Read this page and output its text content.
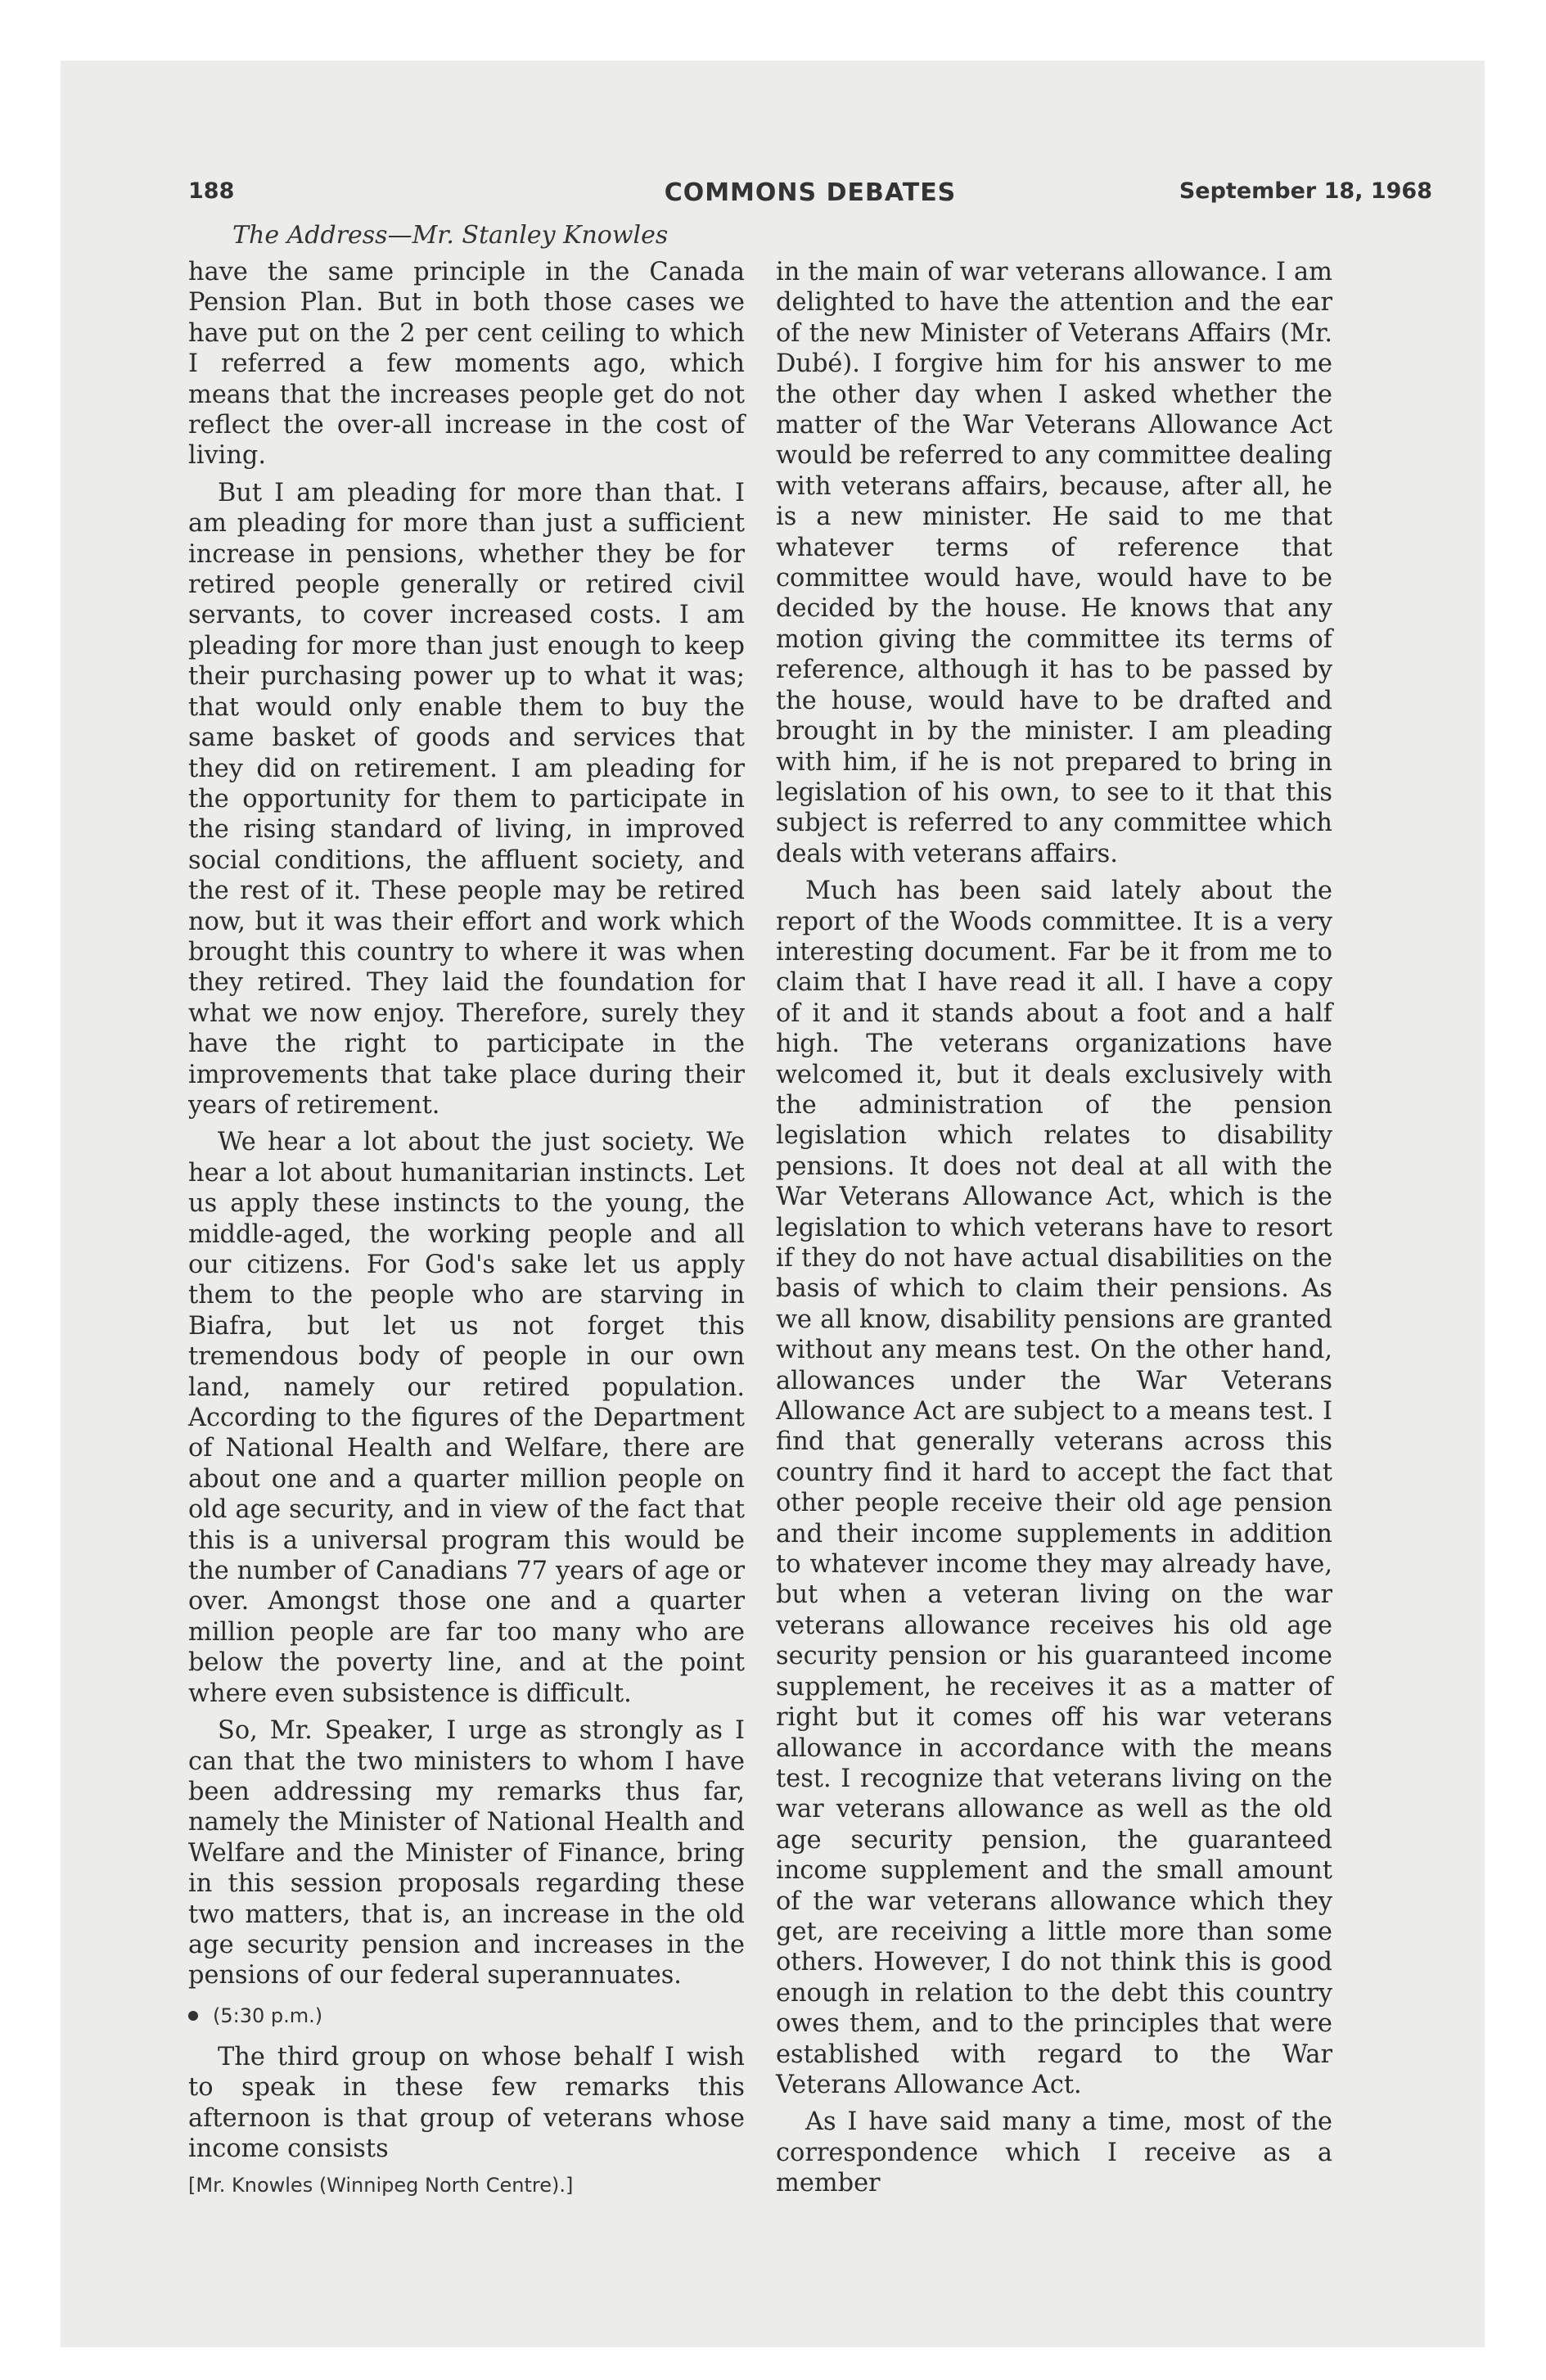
188	COMMONS DEBATES	September 18, 1968
The Address—Mr. Stanley Knowles

have the same principle in the Canada Pension Plan. But in both those cases we have put on the 2 per cent ceiling to which I referred a few moments ago, which means that the increases people get do not reflect the over-all increase in the cost of living.

But I am pleading for more than that. I am pleading for more than just a sufficient increase in pensions, whether they be for retired people generally or retired civil servants, to cover increased costs. I am pleading for more than just enough to keep their purchasing power up to what it was; that would only enable them to buy the same basket of goods and services that they did on retirement. I am pleading for the opportunity for them to participate in the rising standard of living, in improved social conditions, the affluent society, and the rest of it. These people may be retired now, but it was their effort and work which brought this country to where it was when they retired. They laid the foundation for what we now enjoy. Therefore, surely they have the right to participate in the improvements that take place during their years of retirement.

We hear a lot about the just society. We hear a lot about humanitarian instincts. Let us apply these instincts to the young, the middle-aged, the working people and all our citizens. For God's sake let us apply them to the people who are starving in Biafra, but let us not forget this tremendous body of people in our own land, namely our retired population. According to the figures of the Department of National Health and Welfare, there are about one and a quarter million people on old age security, and in view of the fact that this is a universal program this would be the number of Canadians 77 years of age or over. Amongst those one and a quarter million people are far too many who are below the poverty line, and at the point where even subsistence is difficult.

So, Mr. Speaker, I urge as strongly as I can that the two ministers to whom I have been addressing my remarks thus far, namely the Minister of National Health and Welfare and the Minister of Finance, bring in this session proposals regarding these two matters, that is, an increase in the old age security pension and increases in the pensions of our federal superannuates.

(5:30 p.m.)

The third group on whose behalf I wish to speak in these few remarks this afternoon is that group of veterans whose income consists

[Mr. Knowles (Winnipeg North Centre).]

in the main of war veterans allowance. I am delighted to have the attention and the ear of the new Minister of Veterans Affairs (Mr. Dubé). I forgive him for his answer to me the other day when I asked whether the matter of the War Veterans Allowance Act would be referred to any committee dealing with veterans affairs, because, after all, he is a new minister. He said to me that whatever terms of reference that committee would have, would have to be decided by the house. He knows that any motion giving the committee its terms of reference, although it has to be passed by the house, would have to be drafted and brought in by the minister. I am pleading with him, if he is not prepared to bring in legislation of his own, to see to it that this subject is referred to any committee which deals with veterans affairs.

Much has been said lately about the report of the Woods committee. It is a very interesting document. Far be it from me to claim that I have read it all. I have a copy of it and it stands about a foot and a half high. The veterans organizations have welcomed it, but it deals exclusively with the administration of the pension legislation which relates to disability pensions. It does not deal at all with the War Veterans Allowance Act, which is the legislation to which veterans have to resort if they do not have actual disabilities on the basis of which to claim their pensions. As we all know, disability pensions are granted without any means test. On the other hand, allowances under the War Veterans Allowance Act are subject to a means test. I find that generally veterans across this country find it hard to accept the fact that other people receive their old age pension and their income supplements in addition to whatever income they may already have, but when a veteran living on the war veterans allowance receives his old age security pension or his guaranteed income supplement, he receives it as a matter of right but it comes off his war veterans allowance in accordance with the means test. I recognize that veterans living on the war veterans allowance as well as the old age security pension, the guaranteed income supplement and the small amount of the war veterans allowance which they get, are receiving a little more than some others. However, I do not think this is good enough in relation to the debt this country owes them, and to the principles that were established with regard to the War Veterans Allowance Act.

As I have said many a time, most of the correspondence which I receive as a member
